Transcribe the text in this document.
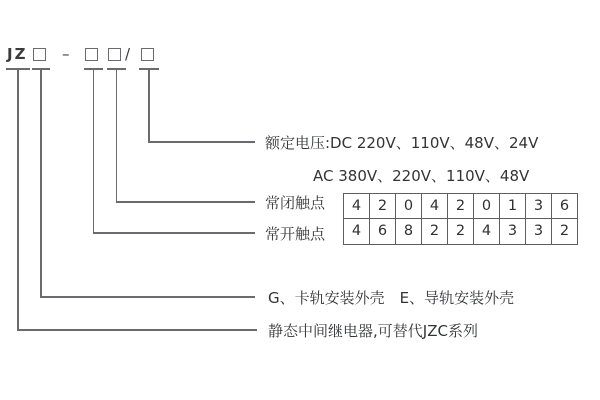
JZ –	/
额定电压:DC 220V、110V、48V、24V
AC 380V、220V、110V、48V
常闭触点
常开触点
G、卡轨安装外壳　E、导轨安装外壳
静态中间继电器,可替代JZC系列
4	2	0	4	2	0	1	3	6
4	6	8	2	2	4	3	3	2
